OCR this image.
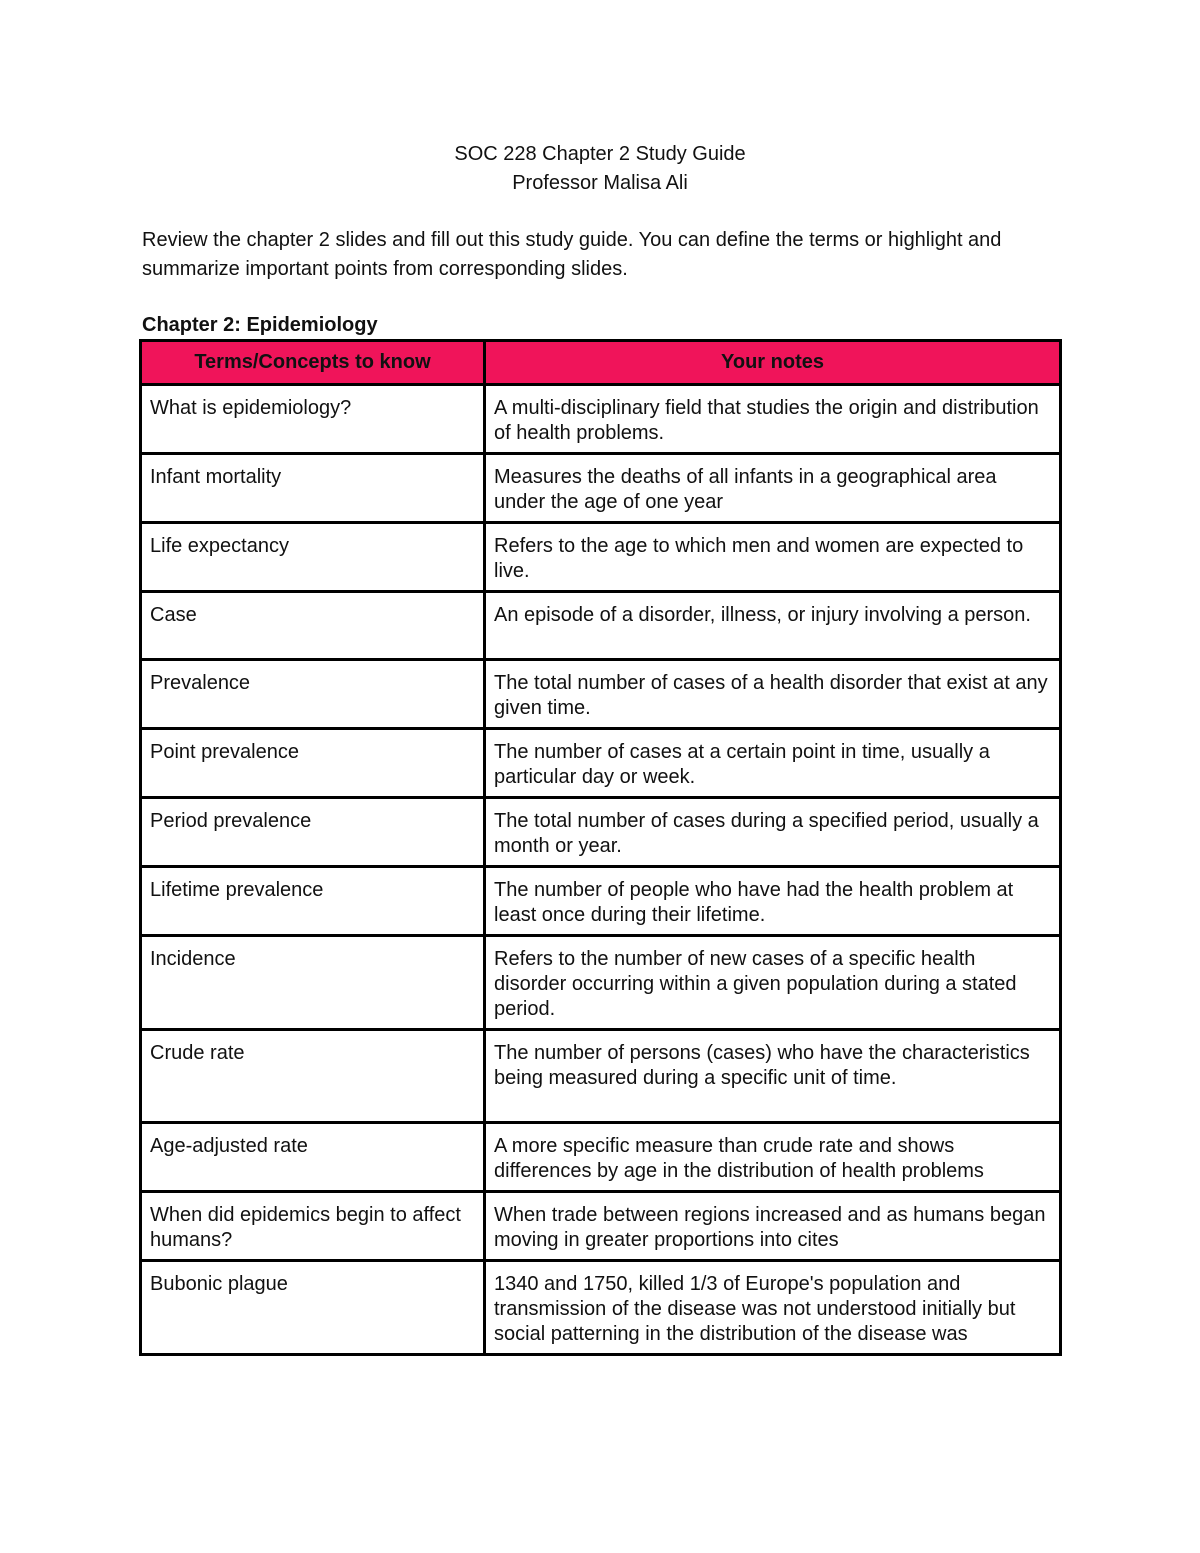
SOC 228 Chapter 2 Study Guide
Professor Malisa Ali
Review the chapter 2 slides and fill out this study guide. You can define the terms or highlight and summarize important points from corresponding slides.
Chapter 2: Epidemiology
Terms/Concepts to know	Your notes
What is epidemiology?	A multi-disciplinary field that studies the origin and distribution of health problems.
Infant mortality	Measures the deaths of all infants in a geographical area under the age of one year
Life expectancy	Refers to the age to which men and women are expected to live.
Case	An episode of a disorder, illness, or injury involving a person.
Prevalence	The total number of cases of a health disorder that exist at any given time.
Point prevalence	The number of cases at a certain point in time, usually a particular day or week.
Period prevalence	The total number of cases during a specified period, usually a month or year.
Lifetime prevalence	The number of people who have had the health problem at least once during their lifetime.
Incidence	Refers to the number of new cases of a specific health disorder occurring within a given population during a stated period.
Crude rate	The number of persons (cases) who have the characteristics being measured during a specific unit of time.
Age-adjusted rate	A more specific measure than crude rate and shows differences by age in the distribution of health problems
When did epidemics begin to affect humans?	When trade between regions increased and as humans began moving in greater proportions into cites
Bubonic plague	1340 and 1750, killed 1/3 of Europe's population and transmission of the disease was not understood initially but social patterning in the distribution of the disease was
